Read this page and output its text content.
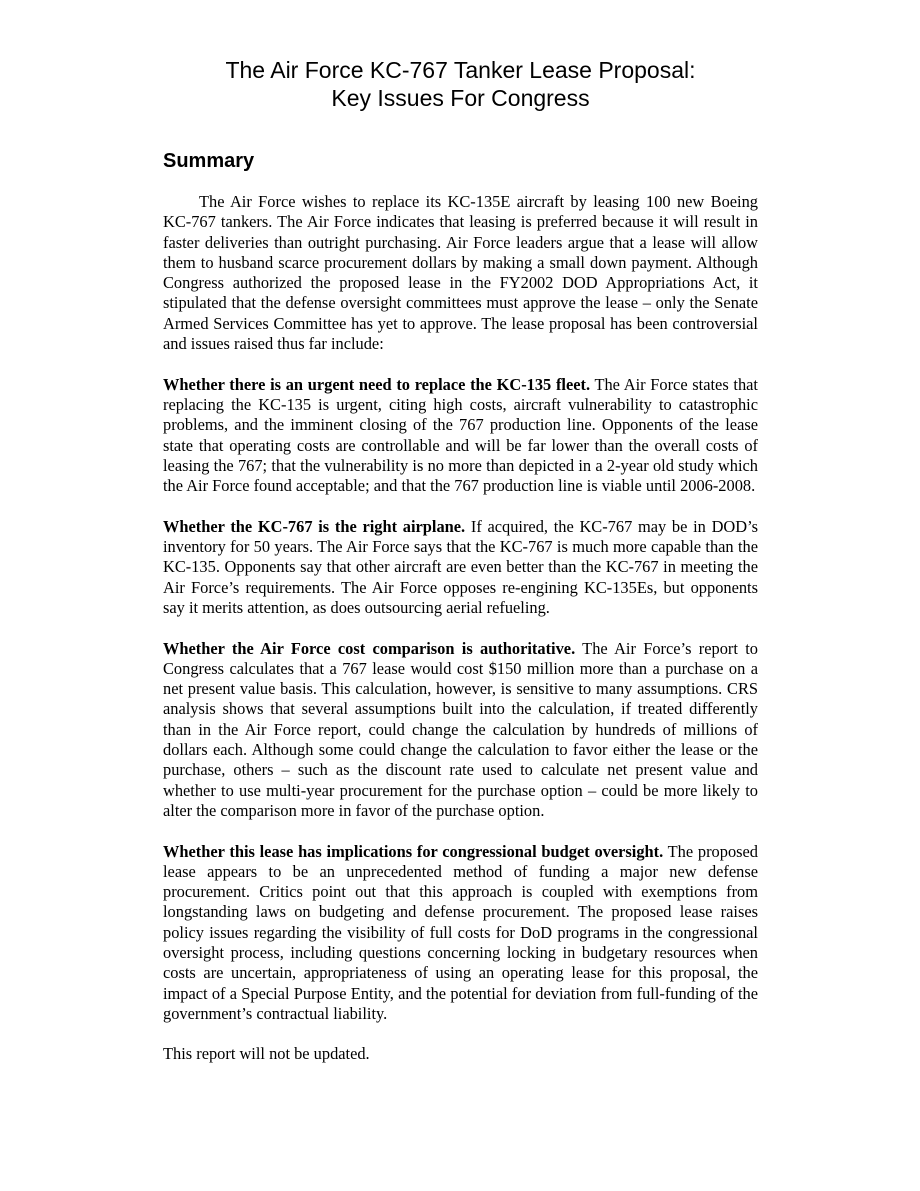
The Air Force KC-767 Tanker Lease Proposal:
Key Issues For Congress
Summary

The Air Force wishes to replace its KC-135E aircraft by leasing 100 new Boeing KC-767 tankers. The Air Force indicates that leasing is preferred because it will result in faster deliveries than outright purchasing. Air Force leaders argue that a lease will allow them to husband scarce procurement dollars by making a small down payment. Although Congress authorized the proposed lease in the FY2002 DOD Appropriations Act, it stipulated that the defense oversight committees must approve the lease – only the Senate Armed Services Committee has yet to approve. The lease proposal has been controversial and issues raised thus far include:

Whether there is an urgent need to replace the KC-135 fleet. The Air Force states that replacing the KC-135 is urgent, citing high costs, aircraft vulnerability to catastrophic problems, and the imminent closing of the 767 production line. Opponents of the lease state that operating costs are controllable and will be far lower than the overall costs of leasing the 767; that the vulnerability is no more than depicted in a 2-year old study which the Air Force found acceptable; and that the 767 production line is viable until 2006-2008.

Whether the KC-767 is the right airplane. If acquired, the KC-767 may be in DOD’s inventory for 50 years. The Air Force says that the KC-767 is much more capable than the KC-135. Opponents say that other aircraft are even better than the KC-767 in meeting the Air Force’s requirements. The Air Force opposes re-engining KC-135Es, but opponents say it merits attention, as does outsourcing aerial refueling.

Whether the Air Force cost comparison is authoritative. The Air Force’s report to Congress calculates that a 767 lease would cost $150 million more than a purchase on a net present value basis. This calculation, however, is sensitive to many assumptions. CRS analysis shows that several assumptions built into the calculation, if treated differently than in the Air Force report, could change the calculation by hundreds of millions of dollars each. Although some could change the calculation to favor either the lease or the purchase, others – such as the discount rate used to calculate net present value and whether to use multi-year procurement for the purchase option – could be more likely to alter the comparison more in favor of the purchase option.

Whether this lease has implications for congressional budget oversight. The proposed lease appears to be an unprecedented method of funding a major new defense procurement. Critics point out that this approach is coupled with exemptions from longstanding laws on budgeting and defense procurement. The proposed lease raises policy issues regarding the visibility of full costs for DoD programs in the congressional oversight process, including questions concerning locking in budgetary resources when costs are uncertain, appropriateness of using an operating lease for this proposal, the impact of a Special Purpose Entity, and the potential for deviation from full-funding of the government’s contractual liability.

This report will not be updated.
